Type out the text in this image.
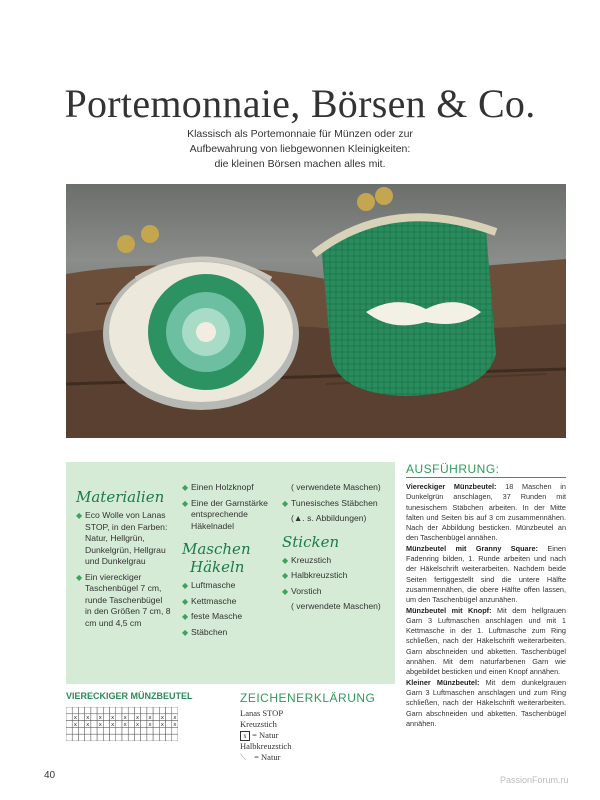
Portemonnaie, Börsen & Co.
Klassisch als Portemonnaie für Münzen oder zur
Aufbewahrung von liebgewonnen Kleinigkeiten:
die kleinen Börsen machen alles mit.
Materialien
◆ Eco Wolle von Lanas STOP, in den Farben: Natur, Hellgrün, Dunkelgrün, Hellgrau und Dunkelgrau
◆ Ein viereckiger Taschenbügel 7 cm, runde Taschenbügel in den Größen 7 cm, 8 cm und 4,5 cm
◆ Einen Holzknopf
◆ Eine der Garnstärke entsprechende Häkelnadel
Maschen
Häkeln
◆ Luftmasche
◆ Kettmasche
◆ feste Masche
◆ Stäbchen
( verwendete Maschen)
◆ Tunesisches Stäbchen
(▲. s. Abbildungen)
Sticken
◆ Kreuzstich
◆ Halbkreuzstich
◆ Vorstich
( verwendete Maschen)
AUSFÜHRUNG:
Viereckiger Münzbeutel: 18 Maschen in Dunkelgrün anschlagen, 37 Runden mit tunesischem Stäbchen arbeiten. In der Mitte falten und Seiten bis auf 3 cm zusammennähen. Nach der Abbildung besticken. Münzbeutel an den Taschenbügel annähen.
Münzbeutel mit Granny Square: Einen Fadenring bilden, 1. Runde arbeiten und nach der Häkelschrift weiterarbeiten. Nachdem beide Seiten fertiggestellt sind die untere Hälfte zusammennähen, die obere Hälfte offen lassen, um den Taschenbügel anzunähen.
Münzbeutel mit Knopf: Mit dem hellgrauen Garn 3 Luftmaschen anschlagen und mit 1 Kettmasche in der 1. Luftmasche zum Ring schließen, nach der Häkelschrift weiterarbeiten. Garn abschneiden und abketten. Taschenbügel annähen. Mit dem naturfarbenen Garn wie abgebildet besticken und einen Knopf annähen.
Kleiner Münzbeutel: Mit dem dunkelgrauen Garn 3 Luftmaschen anschlagen und zum Ring schließen, nach der Häkelschrift weiterarbeiten. Garn abschneiden und abketten. Taschenbügel annähen.
VIERECKIGER MÜNZBEUTEL
x x x x x x x x x
x x x x x x x x x
ZEICHENERKLÄRUNG
Lanas STOP
Kreuzstich
x = Natur
Halbkreuzstich
⟍ = Natur
40	PassionForum.ru
